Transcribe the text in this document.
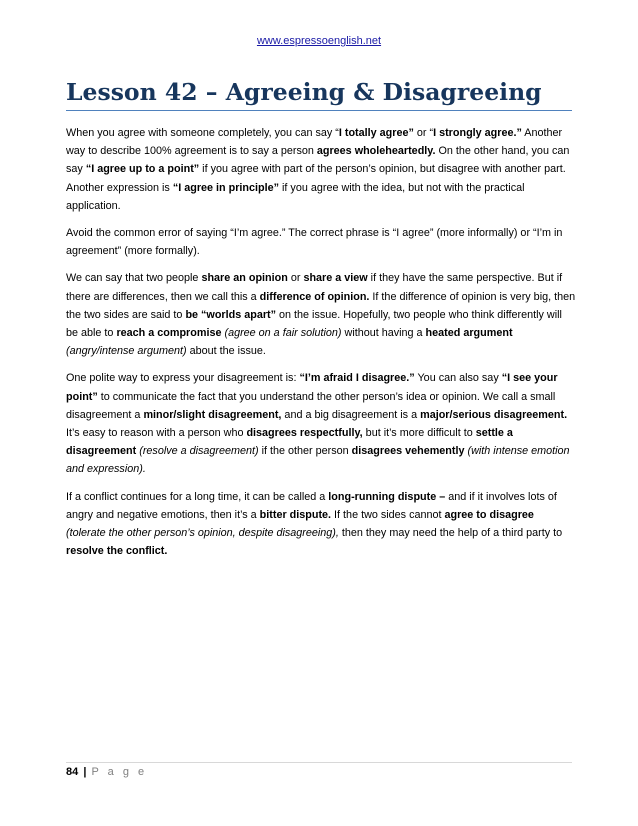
www.espressoenglish.net
Lesson 42 – Agreeing & Disagreeing

When you agree with someone completely, you can say “I totally agree” or “I strongly agree.” Another way to describe 100% agreement is to say a person agrees wholeheartedly. On the other hand, you can say “I agree up to a point” if you agree with part of the person’s opinion, but disagree with another part. Another expression is “I agree in principle” if you agree with the idea, but not with the practical application.

Avoid the common error of saying “I’m agree.” The correct phrase is “I agree” (more informally) or “I’m in agreement” (more formally).

We can say that two people share an opinion or share a view if they have the same perspective. But if there are differences, then we call this a difference of opinion. If the difference of opinion is very big, then the two sides are said to be “worlds apart” on the issue. Hopefully, two people who think differently will be able to reach a compromise (agree on a fair solution) without having a heated argument (angry/intense argument) about the issue.

One polite way to express your disagreement is: “I’m afraid I disagree.” You can also say “I see your point” to communicate the fact that you understand the other person’s idea or opinion. We call a small disagreement a minor/slight disagreement, and a big disagreement is a major/serious disagreement. It’s easy to reason with a person who disagrees respectfully, but it’s more difficult to settle a disagreement (resolve a disagreement) if the other person disagrees vehemently (with intense emotion and expression).

If a conflict continues for a long time, it can be called a long-running dispute – and if it involves lots of angry and negative emotions, then it’s a bitter dispute. If the two sides cannot agree to disagree (tolerate the other person’s opinion, despite disagreeing), then they may need the help of a third party to resolve the conflict.

84 | P a g e
